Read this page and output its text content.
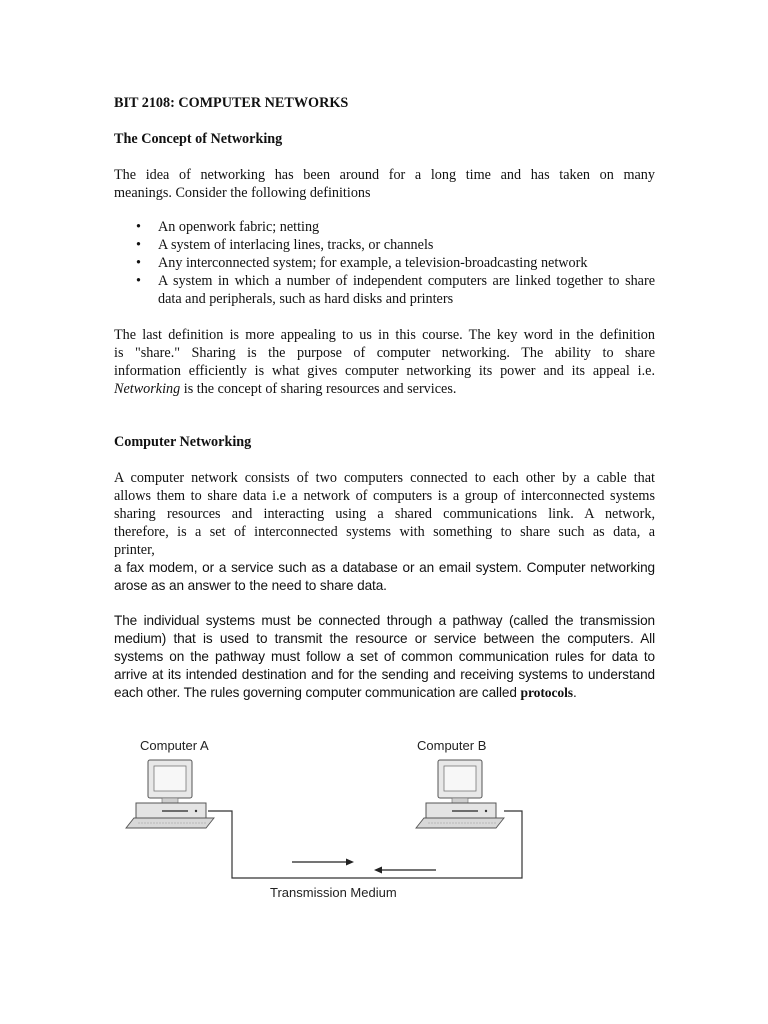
BIT 2108: COMPUTER NETWORKS
The Concept of Networking
The idea of networking has been around for a long time and has taken on many
meanings. Consider the following definitions
• An openwork fabric; netting
• A system of interlacing lines, tracks, or channels
• Any interconnected system; for example, a television-broadcasting network
• A system in which a number of independent computers are linked together to share data and peripherals, such as hard disks and printers
The last definition is more appealing to us in this course. The key word in the definition
is "share." Sharing is the purpose of computer networking. The ability to share
information efficiently is what gives computer networking its power and its appeal i.e.
Networking is the concept of sharing resources and services.
Computer Networking
A computer network consists of two computers connected to each other by a cable that
allows them to share data i.e a network of computers is a group of interconnected systems
sharing resources and interacting using a shared communications link. A network,
therefore, is a set of interconnected systems with something to share such as data, a
printer,
a fax modem, or a service such as a database or an email system. Computer networking
arose as an answer to the need to share data.
The individual systems must be connected through a pathway (called the transmission
medium) that is used to transmit the resource or service between the computers. All
systems on the pathway must follow a set of common communication rules for data to
arrive at its intended destination and for the sending and receiving systems to understand
each other. The rules governing computer communication are called protocols.
Computer A	Computer B
Transmission Medium
